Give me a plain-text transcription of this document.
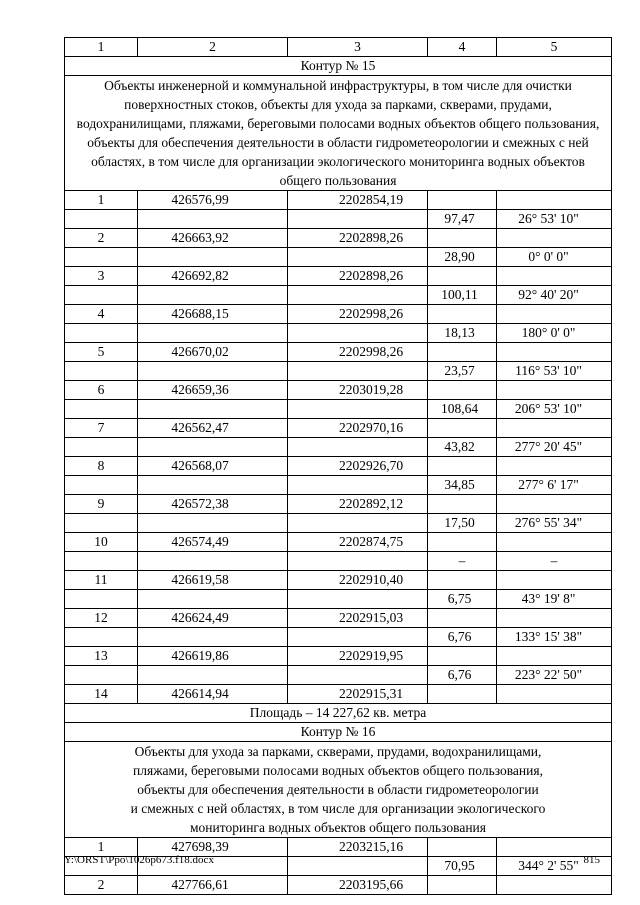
1	2	3	4	5
Контур № 15				
Объекты инженерной и коммунальной инфраструктуры, в том числе для очистки поверхностных стоков, объекты для ухода за парками, скверами, прудами, водохранилищами, пляжами, береговыми полосами водных объектов общего пользования, объекты для обеспечения деятельности в области гидрометеорологии и смежных с ней областях, в том числе для организации экологического мониторинга водных объектов общего пользования				
1	426576,99	2202854,19		
			97,47	26° 53' 10"
2	426663,92	2202898,26		
			28,90	0° 0' 0"
3	426692,82	2202898,26		
			100,11	92° 40' 20"
4	426688,15	2202998,26		
			18,13	180° 0' 0"
5	426670,02	2202998,26		
			23,57	116° 53' 10"
6	426659,36	2203019,28		
			108,64	206° 53' 10"
7	426562,47	2202970,16		
			43,82	277° 20' 45"
8	426568,07	2202926,70		
			34,85	277° 6' 17"
9	426572,38	2202892,12		
			17,50	276° 55' 34"
10	426574,49	2202874,75		
			–	–
11	426619,58	2202910,40		
			6,75	43° 19' 8"
12	426624,49	2202915,03		
			6,76	133° 15' 38"
13	426619,86	2202919,95		
			6,76	223° 22' 50"
14	426614,94	2202915,31		
Площадь – 14 227,62 кв. метра				
Контур № 16				

Объекты для ухода за парками, скверами, прудами, водохранилищами,
пляжами, береговыми полосами водных объектов общего пользования,
объекты для обеспечения деятельности в области гидрометеорологии
и смежных с ней областях, в том числе для организации экологического
мониторинга водных объектов общего пользования				

1	427698,39	2203215,16		
			70,95	344° 2' 55"
2	427766,61	2203195,66		
Y:\ORST\Ppo\1026p673.f18.docx	815
